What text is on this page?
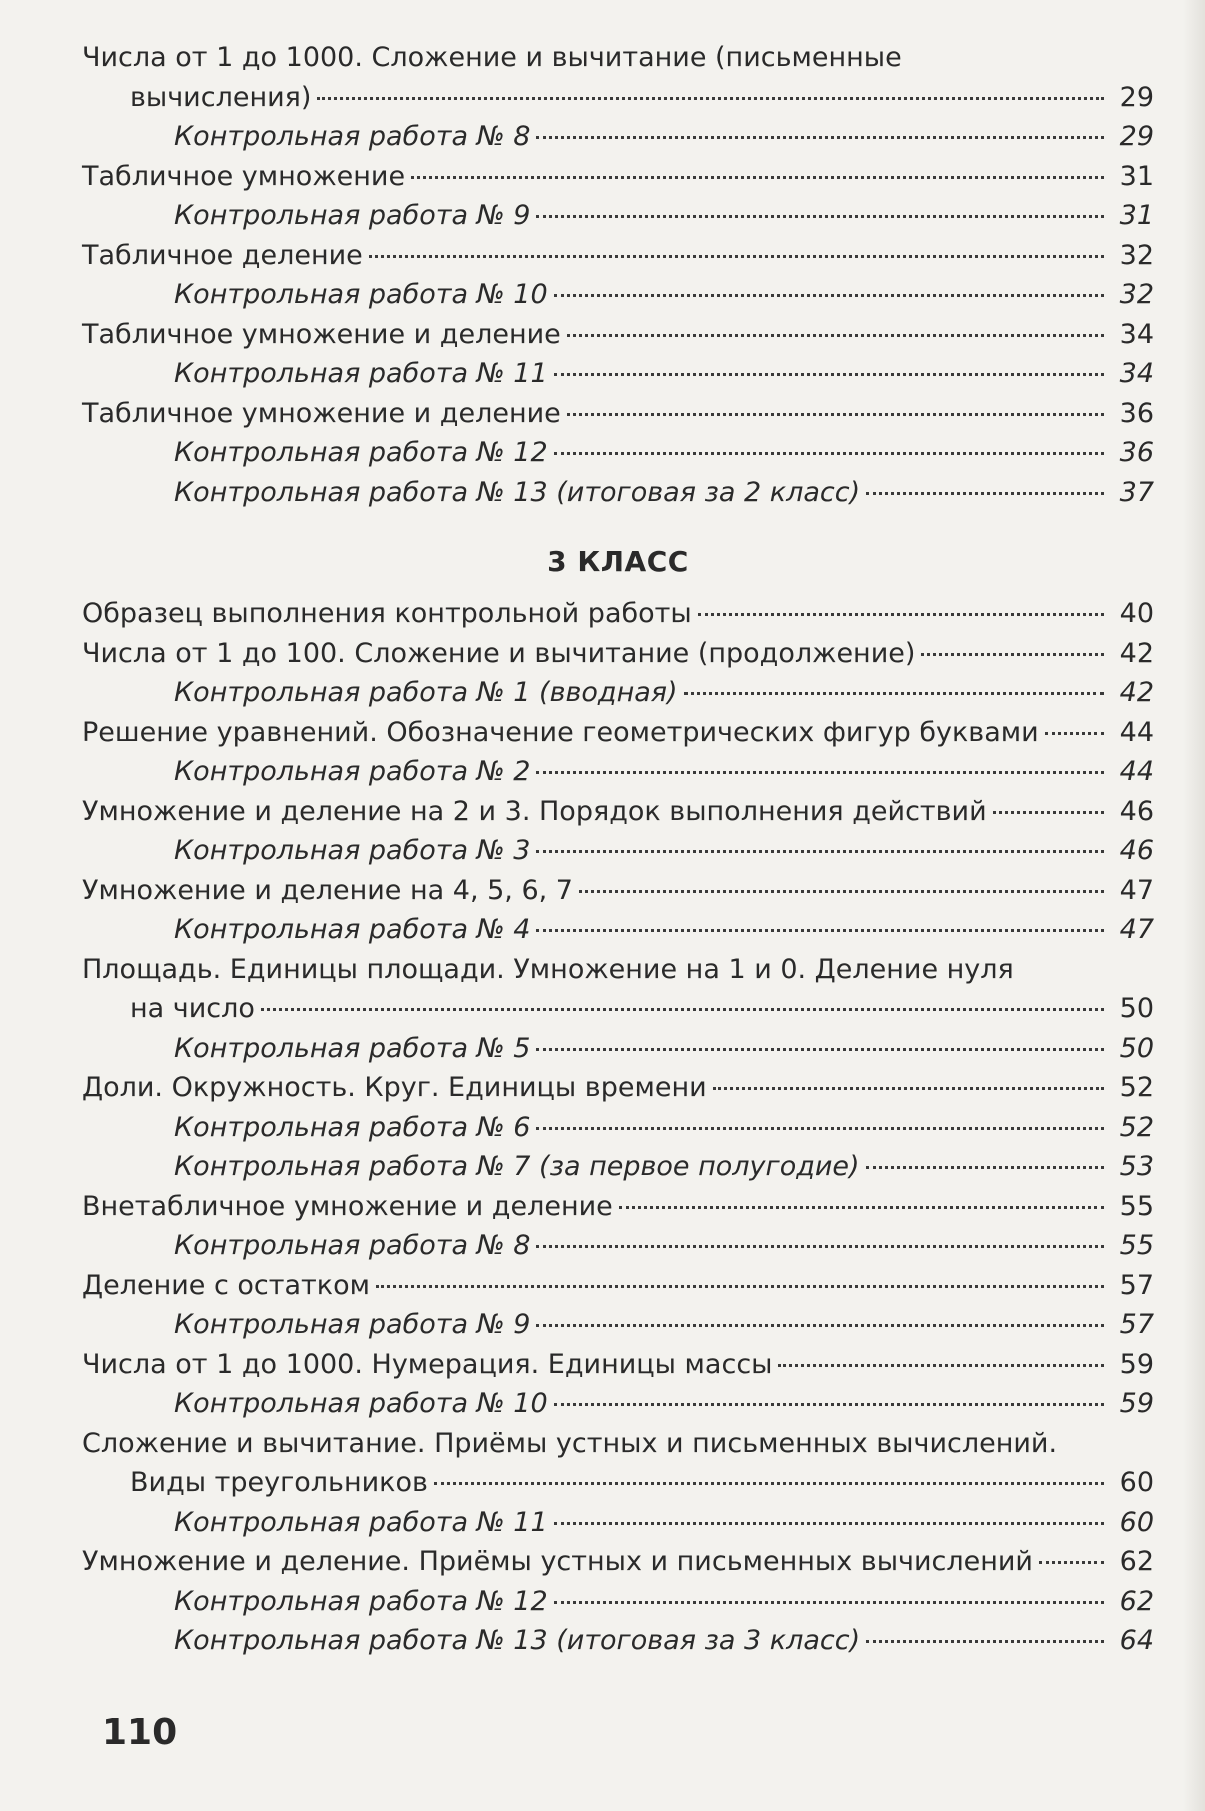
Числа от 1 до 1000. Сложение и вычитание (письменные
вычисления)	29
Контрольная работа № 8	29
Табличное умножение	31
Контрольная работа № 9	31
Табличное деление	32
Контрольная работа № 10	32
Табличное умножение и деление	34
Контрольная работа № 11	34
Табличное умножение и деление	36
Контрольная работа № 12	36
Контрольная работа № 13 (итоговая за 2 класс)	37
3 КЛАСС
Образец выполнения контрольной работы	40
Числа от 1 до 100. Сложение и вычитание (продолжение)	42
Контрольная работа № 1 (вводная)	42
Решение уравнений. Обозначение геометрических фигур буквами	44
Контрольная работа № 2	44
Умножение и деление на 2 и 3. Порядок выполнения действий	46
Контрольная работа № 3	46
Умножение и деление на 4, 5, 6, 7	47
Контрольная работа № 4	47
Площадь. Единицы площади. Умножение на 1 и 0. Деление нуля
на число	50
Контрольная работа № 5	50
Доли. Окружность. Круг. Единицы времени	52
Контрольная работа № 6	52
Контрольная работа № 7 (за первое полугодие)	53
Внетабличное умножение и деление	55
Контрольная работа № 8	55
Деление с остатком	57
Контрольная работа № 9	57
Числа от 1 до 1000. Нумерация. Единицы массы	59
Контрольная работа № 10	59
Сложение и вычитание. Приёмы устных и письменных вычислений.
Виды треугольников	60
Контрольная работа № 11	60
Умножение и деление. Приёмы устных и письменных вычислений	62
Контрольная работа № 12	62
Контрольная работа № 13 (итоговая за 3 класс)	64
110
